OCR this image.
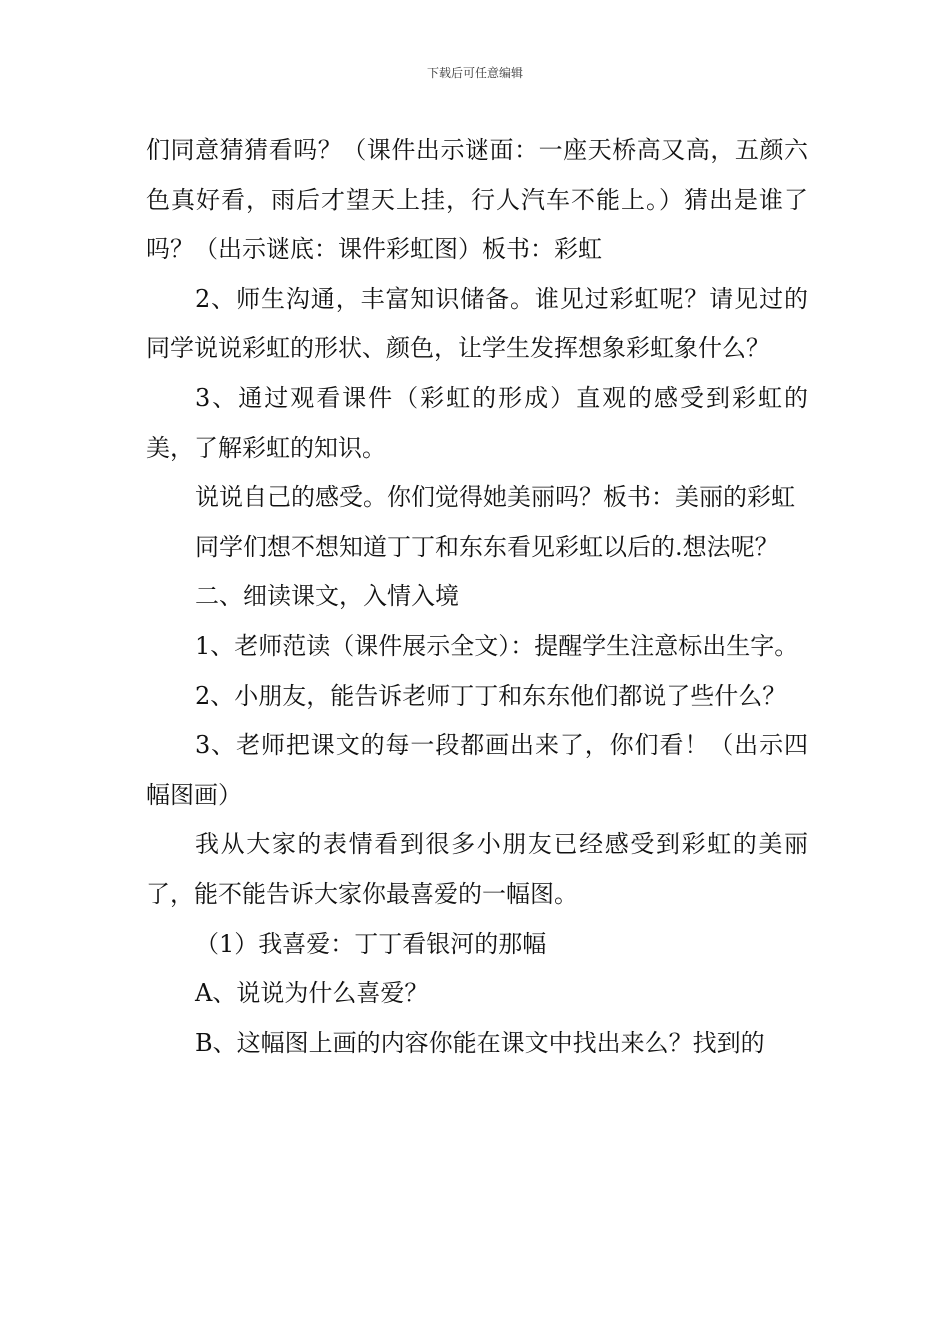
下载后可任意编辑

们同意猜猜看吗？（课件出示谜面：一座天桥高又高，五颜六色真好看，雨后才望天上挂，行人汽车不能上。）猜出是谁了吗？（出示谜底：课件彩虹图）板书：彩虹

2、师生沟通，丰富知识储备。谁见过彩虹呢？请见过的同学说说彩虹的形状、颜色，让学生发挥想象彩虹象什么？

3、通过观看课件（彩虹的形成）直观的感受到彩虹的美，了解彩虹的知识。

说说自己的感受。你们觉得她美丽吗？板书：美丽的彩虹

同学们想不想知道丁丁和东东看见彩虹以后的.想法呢？

二、细读课文，入情入境

1、老师范读（课件展示全文）：提醒学生注意标出生字。

2、小朋友，能告诉老师丁丁和东东他们都说了些什么？

3、老师把课文的每一段都画出来了，你们看！（出示四幅图画）

我从大家的表情看到很多小朋友已经感受到彩虹的美丽了，能不能告诉大家你最喜爱的一幅图。

（1）我喜爱：丁丁看银河的那幅

A、说说为什么喜爱？

B、这幅图上画的内容你能在课文中找出来么？找到的
